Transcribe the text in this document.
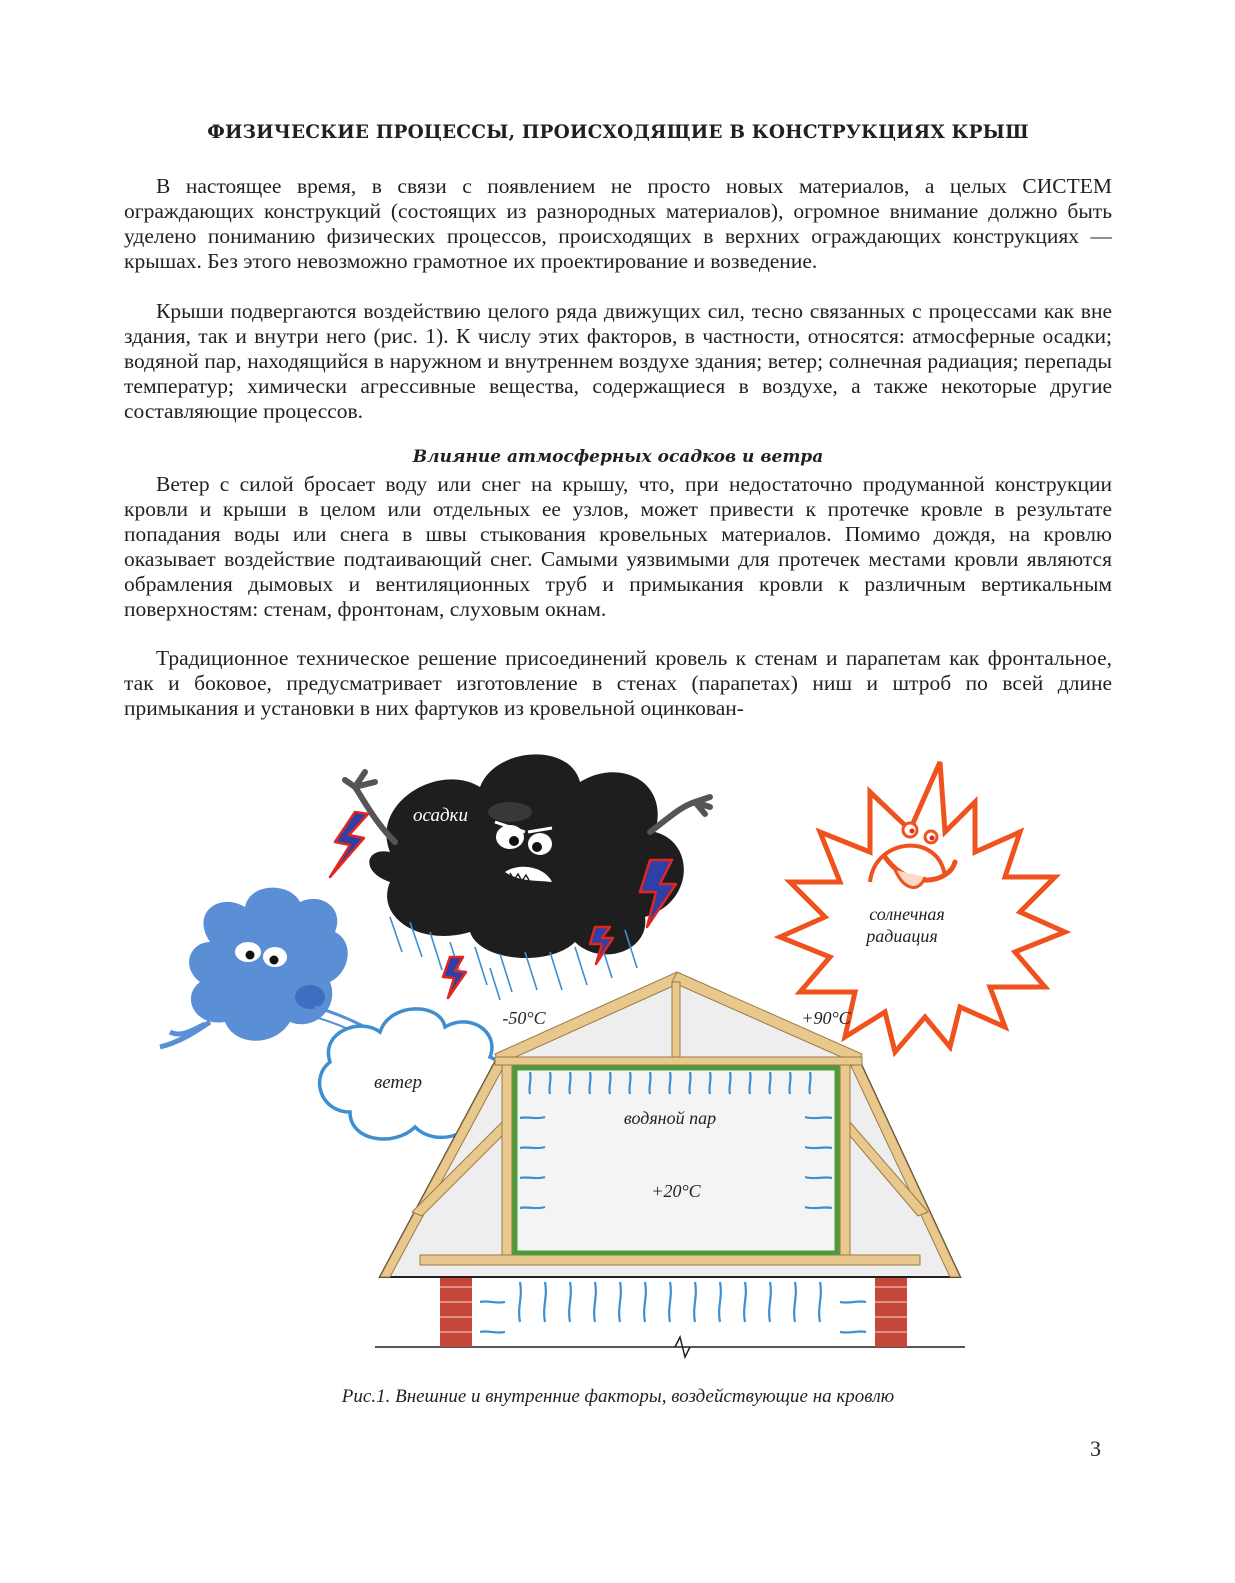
ФИЗИЧЕСКИЕ ПРОЦЕССЫ, ПРОИСХОДЯЩИЕ В КОНСТРУКЦИЯХ КРЫШ

В настоящее время, в связи с появлением не просто новых материалов, а целых СИСТЕМ ограждающих конструкций (состоящих из разнородных материалов), огромное внимание должно быть уделено пониманию физических процессов, происходящих в верхних ограждающих конструкциях — крышах. Без этого невозможно грамотное их проектирование и возведение.

Крыши подвергаются воздействию целого ряда движущих сил, тесно связанных с процессами как вне здания, так и внутри него (рис. 1). К числу этих факторов, в частности, относятся: атмосферные осадки; водяной пар, находящийся в наружном и внутреннем воздухе здания; ветер; солнечная радиация; перепады температур; химически агрессивные вещества, содержащиеся в воздухе, а также некоторые другие составляющие процессов.

Влияние атмосферных осадков и ветра

Ветер с силой бросает воду или снег на крышу, что, при недостаточно продуманной конструкции кровли и крыши в целом или отдельных ее узлов, может привести к протечке кровле в результате попадания воды или снега в швы стыкования кровельных материалов. Помимо дождя, на кровлю оказывает воздействие подтаивающий снег. Самыми уязвимыми для протечек местами кровли являются обрамления дымовых и вентиляционных труб и примыкания кровли к различным вертикальным поверхностям: стенам, фронтонам, слуховым окнам.

Традиционное техническое решение присоединений кровель к стенам и парапетам как фронтальное, так и боковое, предусматривает изготовление в стенах (парапетах) ниш и штроб по всей длине примыкания и установки в них фартуков из кровельной оцинкован-

осадки
солнечная
радиация
ветер
водяной пар
+20°C
-50°C	+90°C

Рис.1. Внешние и внутренние факторы, воздействующие на кровлю

3
